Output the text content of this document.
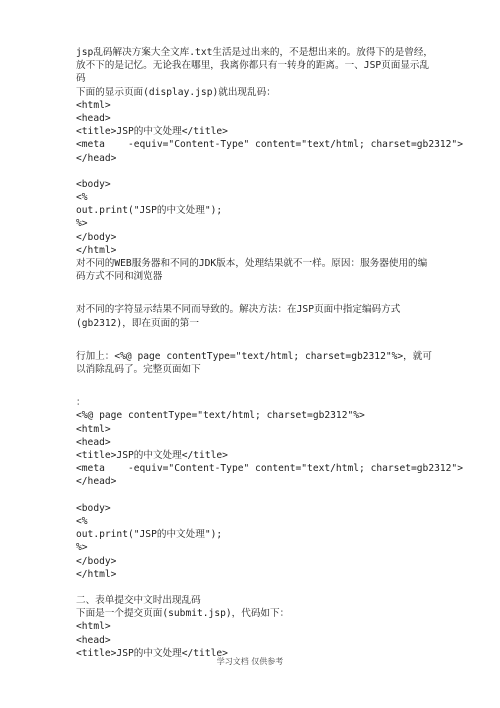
jsp乱码解决方案大全文库.txt生活是过出来的，不是想出来的。放得下的是曾经，放不下的是记忆。无论我在哪里，我离你都只有一转身的距离。一、JSP页面显示乱码
下面的显示页面(display.jsp)就出现乱码：
<html>
<head>
<title>JSP的中文处理</title>
<meta    -equiv="Content-Type" content="text/html; charset=gb2312">
</head>
<body>
<%
out.print("JSP的中文处理");
%>
</body>
</html>
对不同的WEB服务器和不同的JDK版本，处理结果就不一样。原因：服务器使用的编码方式不同和浏览器
对不同的字符显示结果不同而导致的。解决方法：在JSP页面中指定编码方式(gb2312)，即在页面的第一
行加上：<%@ page contentType="text/html; charset=gb2312"%>，就可以消除乱码了。完整页面如下
：
<%@ page contentType="text/html; charset=gb2312"%>
<html>
<head>
<title>JSP的中文处理</title>
<meta    -equiv="Content-Type" content="text/html; charset=gb2312">
</head>
<body>
<%
out.print("JSP的中文处理");
%>
</body>
</html>
二、表单提交中文时出现乱码
下面是一个提交页面(submit.jsp)，代码如下：
<html>
<head>
<title>JSP的中文处理</title>
学习文档 仅供参考
